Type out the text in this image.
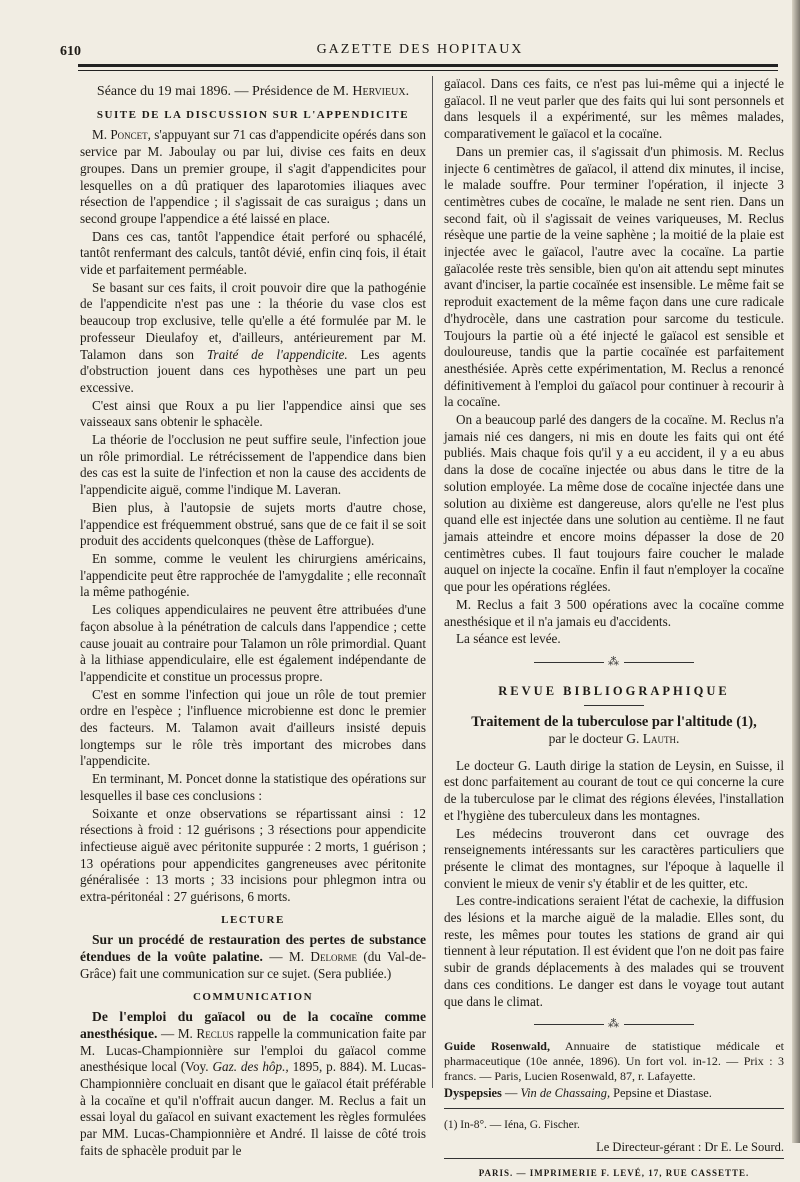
610	GAZETTE DES HOPITAUX
Séance du 19 mai 1896. — Présidence de M. Hervieux.
SUITE DE LA DISCUSSION SUR L'APPENDICITE

M. Poncet, s'appuyant sur 71 cas d'appendicite opérés dans son service par M. Jaboulay ou par lui, divise ces faits en deux groupes. Dans un premier groupe, il s'agit d'appendicites pour lesquelles on a dû pratiquer des laparotomies iliaques avec résection de l'appendice ; il s'agissait de cas suraigus ; dans un second groupe l'appendice a été laissé en place.

Dans ces cas, tantôt l'appendice était perforé ou sphacélé, tantôt renfermant des calculs, tantôt dévié, enfin cinq fois, il était vide et parfaitement perméable.

Se basant sur ces faits, il croit pouvoir dire que la pathogénie de l'appendicite n'est pas une : la théorie du vase clos est beaucoup trop exclusive, telle qu'elle a été formulée par M. le professeur Dieulafoy et, d'ailleurs, antérieurement par M. Talamon dans son Traité de l'appendicite. Les agents d'obstruction jouent dans ces hypothèses une part un peu excessive.

C'est ainsi que Roux a pu lier l'appendice ainsi que ses vaisseaux sans obtenir le sphacèle.

La théorie de l'occlusion ne peut suffire seule, l'infection joue un rôle primordial. Le rétrécissement de l'appendice dans bien des cas est la suite de l'infection et non la cause des accidents de l'appendicite aiguë, comme l'indique M. Laveran.

Bien plus, à l'autopsie de sujets morts d'autre chose, l'appendice est fréquemment obstrué, sans que de ce fait il se soit produit des accidents quelconques (thèse de Lafforgue).

En somme, comme le veulent les chirurgiens américains, l'appendicite peut être rapprochée de l'amygdalite ; elle reconnaît la même pathogénie.

Les coliques appendiculaires ne peuvent être attribuées d'une façon absolue à la pénétration de calculs dans l'appendice ; cette cause jouait au contraire pour Talamon un rôle primordial. Quant à la lithiase appendiculaire, elle est également indépendante de l'appendicite et constitue un processus propre.

C'est en somme l'infection qui joue un rôle de tout premier ordre en l'espèce ; l'influence microbienne est donc le premier des facteurs. M. Talamon avait d'ailleurs insisté depuis longtemps sur le rôle très important des microbes dans l'appendicite.

En terminant, M. Poncet donne la statistique des opérations sur lesquelles il base ces conclusions :

Soixante et onze observations se répartissant ainsi : 12 résections à froid : 12 guérisons ; 3 résections pour appendicite infectieuse aiguë avec péritonite suppurée : 2 morts, 1 guérison ; 13 opérations pour appendicites gangreneuses avec péritonite généralisée : 13 morts ; 33 incisions pour phlegmon intra ou extra-péritonéal : 27 guérisons, 6 morts.

LECTURE

Sur un procédé de restauration des pertes de substance étendues de la voûte palatine. — M. Delorme (du Val-de-Grâce) fait une communication sur ce sujet. (Sera publiée.)

COMMUNICATION

De l'emploi du gaïacol ou de la cocaïne comme anesthésique. — M. Reclus rappelle la communication faite par M. Lucas-Championnière sur l'emploi du gaïacol comme anesthésique local (Voy. Gaz. des hôp., 1895, p. 884). M. Lucas-Championnière concluait en disant que le gaïacol était préférable à la cocaïne et qu'il n'offrait aucun danger. M. Reclus a fait un essai loyal du gaïacol en suivant exactement les règles formulées par MM. Lucas-Championnière et André. Il laisse de côté trois faits de sphacèle produit par le

gaïacol. Dans ces faits, ce n'est pas lui-même qui a injecté le gaïacol. Il ne veut parler que des faits qui lui sont personnels et dans lesquels il a expérimenté, sur les mêmes malades, comparativement le gaïacol et la cocaïne.

Dans un premier cas, il s'agissait d'un phimosis. M. Reclus injecte 6 centimètres de gaïacol, il attend dix minutes, il incise, le malade souffre. Pour terminer l'opération, il injecte 3 centimètres cubes de cocaïne, le malade ne sent rien. Dans un second fait, où il s'agissait de veines variqueuses, M. Reclus résèque une partie de la veine saphène ; la moitié de la plaie est injectée avec le gaïacol, l'autre avec la cocaïne. La partie gaïacolée reste très sensible, bien qu'on ait attendu sept minutes avant d'inciser, la partie cocaïnée est insensible. Le même fait se reproduit exactement de la même façon dans une cure radicale d'hydrocèle, dans une castration pour sarcome du testicule. Toujours la partie où a été injecté le gaïacol est sensible et douloureuse, tandis que la partie cocaïnée est parfaitement anesthésiée. Après cette expérimentation, M. Reclus a renoncé définitivement à l'emploi du gaïacol pour continuer à recourir à la cocaïne.

On a beaucoup parlé des dangers de la cocaïne. M. Reclus n'a jamais nié ces dangers, ni mis en doute les faits qui ont été publiés. Mais chaque fois qu'il y a eu accident, il y a eu abus dans la dose de cocaïne injectée ou abus dans le titre de la solution employée. La même dose de cocaïne injectée dans une solution au dixième est dangereuse, alors qu'elle ne l'est plus quand elle est injectée dans une solution au centième. Il ne faut jamais atteindre et encore moins dépasser la dose de 20 centimètres cubes. Il faut toujours faire coucher le malade auquel on injecte la cocaïne. Enfin il faut n'employer la cocaïne que pour les opérations réglées.

M. Reclus a fait 3 500 opérations avec la cocaïne comme anesthésique et il n'a jamais eu d'accidents.

La séance est levée.

⁂
REVUE BIBLIOGRAPHIQUE
Traitement de la tuberculose par l'altitude (1),
par le docteur G. Lauth.

Le docteur G. Lauth dirige la station de Leysin, en Suisse, il est donc parfaitement au courant de tout ce qui concerne la cure de la tuberculose par le climat des régions élevées, l'installation et l'hygiène des tuberculeux dans les montagnes.

Les médecins trouveront dans cet ouvrage des renseignements intéressants sur les caractères particuliers que présente le climat des montagnes, sur l'époque à laquelle il convient le mieux de venir s'y établir et de les quitter, etc.

Les contre-indications seraient l'état de cachexie, la diffusion des lésions et la marche aiguë de la maladie. Elles sont, du reste, les mêmes pour toutes les stations de grand air qui tiennent à leur réputation. Il est évident que l'on ne doit pas faire subir de grands déplacements à des malades qui se trouvent dans ces conditions. Le danger est dans le voyage tout autant que dans le climat.

⁂

Guide Rosenwald, Annuaire de statistique médicale et pharmaceutique (10e année, 1896). Un fort vol. in-12. — Prix : 3 francs. — Paris, Lucien Rosenwald, 87, r. Lafayette.

Dyspepsies — Vin de Chassaing, Pepsine et Diastase.

(1) In-8°. — Iéna, G. Fischer.

Le Directeur-gérant : Dr E. Le Sourd.
PARIS. — IMPRIMERIE F. LEVÉ, 17, RUE CASSETTE.
